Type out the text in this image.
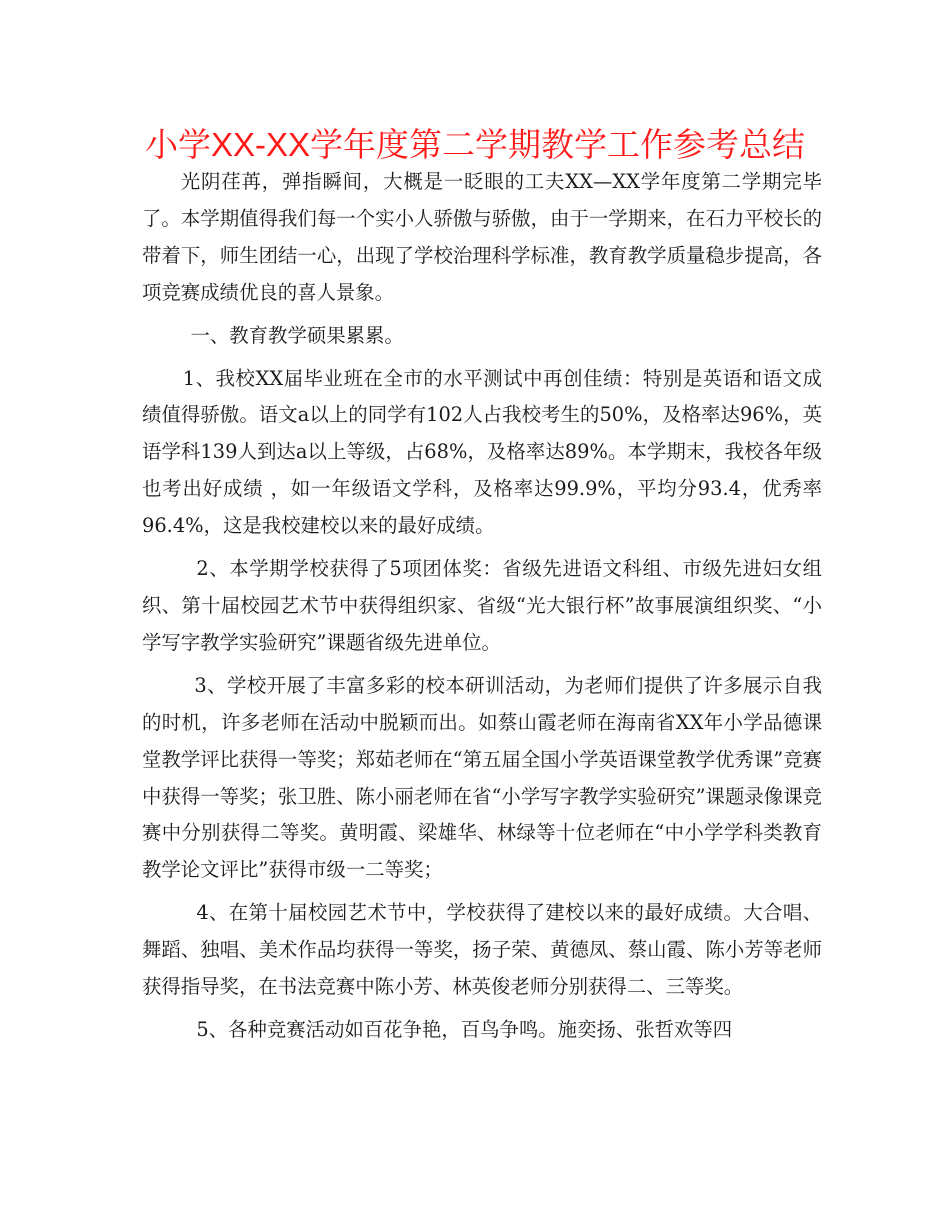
小学XX-XX学年度第二学期教学工作参考总结

光阴荏苒，弹指瞬间，大概是一眨眼的工夫XX—XX学年度第二学期完毕了。本学期值得我们每一个实小人骄傲与骄傲，由于一学期来，在石力平校长的带着下，师生团结一心，出现了学校治理科学标准，教育教学质量稳步提高，各项竞赛成绩优良的喜人景象。

一、教育教学硕果累累。

1、我校XX届毕业班在全市的水平测试中再创佳绩：特别是英语和语文成绩值得骄傲。语文a以上的同学有102人占我校考生的50%，及格率达96%，英语学科139人到达a以上等级，占68%，及格率达89%。本学期末，我校各年级也考出好成绩 ，如一年级语文学科，及格率达99.9%，平均分93.4，优秀率96.4%，这是我校建校以来的最好成绩。

2、本学期学校获得了5项团体奖：省级先进语文科组、市级先进妇女组织、第十届校园艺术节中获得组织家、省级“光大银行杯”故事展演组织奖、“小学写字教学实验研究”课题省级先进单位。

3、学校开展了丰富多彩的校本研训活动，为老师们提供了许多展示自我的时机，许多老师在活动中脱颖而出。如蔡山霞老师在海南省XX年小学品德课堂教学评比获得一等奖；郑茹老师在“第五届全国小学英语课堂教学优秀课”竞赛中获得一等奖；张卫胜、陈小丽老师在省“小学写字教学实验研究”课题录像课竞赛中分别获得二等奖。黄明霞、梁雄华、林绿等十位老师在“中小学学科类教育教学论文评比”获得市级一二等奖；

4、在第十届校园艺术节中，学校获得了建校以来的最好成绩。大合唱、舞蹈、独唱、美术作品均获得一等奖，扬子荣、黄德凤、蔡山霞、陈小芳等老师获得指导奖，在书法竞赛中陈小芳、林英俊老师分别获得二、三等奖。

5、各种竞赛活动如百花争艳，百鸟争鸣。施奕扬、张哲欢等四
